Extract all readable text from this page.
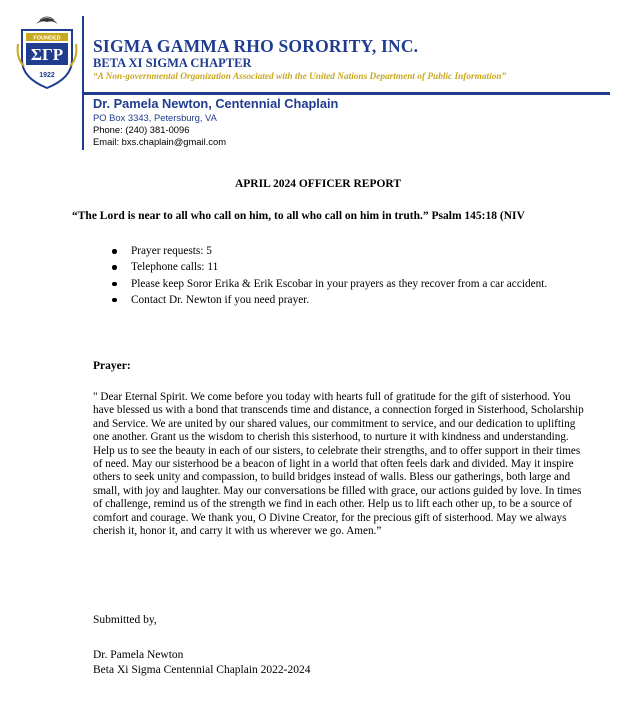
FOUNDED
ΣΓΡ
1922
SIGMA GAMMA RHO SORORITY, INC.
BETA XI SIGMA CHAPTER
“A Non-governmental Organization Associated with the United Nations Department of Public Information”
Dr. Pamela Newton, Centennial Chaplain
PO Box 3343, Petersburg, VA
Phone: (240) 381-0096
Email: bxs.chaplain@gmail.com
APRIL 2024 OFFICER REPORT
“The Lord is near to all who call on him, to all who call on him in truth.” Psalm 145:18 (NIV
Prayer requests: 5
Telephone calls: 11
Please keep Soror Erika & Erik Escobar in your prayers as they recover from a car accident.
Contact Dr. Newton if you need prayer.
Prayer:
" Dear Eternal Spirit. We come before you today with hearts full of gratitude for the gift of sisterhood. You have blessed us with a bond that transcends time and distance, a connection forged in Sisterhood, Scholarship and Service. We are united by our shared values, our commitment to service, and our dedication to uplifting one another. Grant us the wisdom to cherish this sisterhood, to nurture it with kindness and understanding. Help us to see the beauty in each of our sisters, to celebrate their strengths, and to offer support in their times of need. May our sisterhood be a beacon of light in a world that often feels dark and divided. May it inspire others to seek unity and compassion, to build bridges instead of walls. Bless our gatherings, both large and small, with joy and laughter. May our conversations be filled with grace, our actions guided by love. In times of challenge, remind us of the strength we find in each other. Help us to lift each other up, to be a source of comfort and courage. We thank you, O Divine Creator, for the precious gift of sisterhood. May we always cherish it, honor it, and carry it with us wherever we go. Amen.”
Submitted by,
Dr. Pamela Newton
Beta Xi Sigma Centennial Chaplain 2022-2024
